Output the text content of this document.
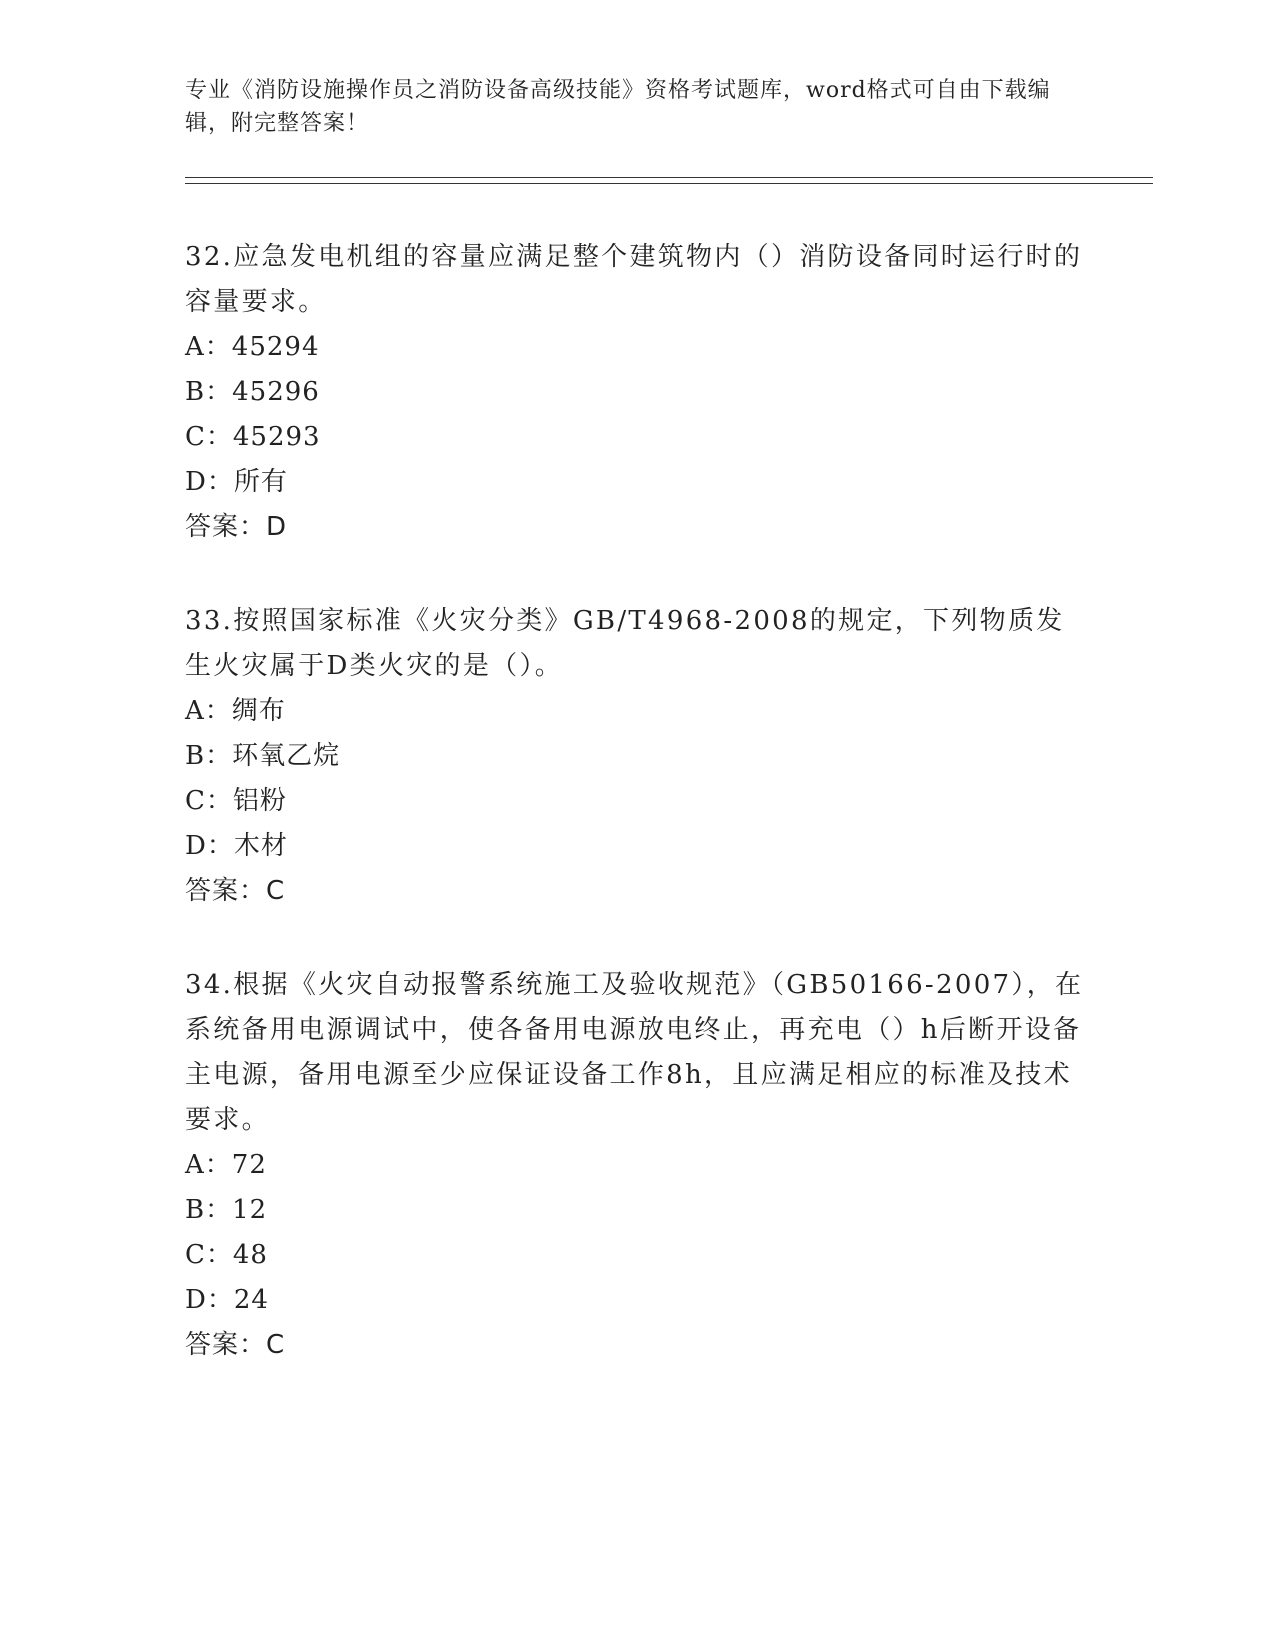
专业《消防设施操作员之消防设备高级技能》资格考试题库，word格式可自由下载编辑，附完整答案！

32.应急发电机组的容量应满足整个建筑物内（）消防设备同时运行时的容量要求。

A：45294

B：45296

C：45293

D：所有

答案：D

33.按照国家标准《火灾分类》GB/T4968-2008的规定，下列物质发生火灾属于D类火灾的是（）。

A：绸布

B：环氧乙烷

C：铝粉

D：木材

答案：C

34.根据《火灾自动报警系统施工及验收规范》（GB50166-2007），在系统备用电源调试中，使各备用电源放电终止，再充电（）h后断开设备主电源，备用电源至少应保证设备工作8h，且应满足相应的标准及技术要求。

A：72

B：12

C：48

D：24

答案：C
